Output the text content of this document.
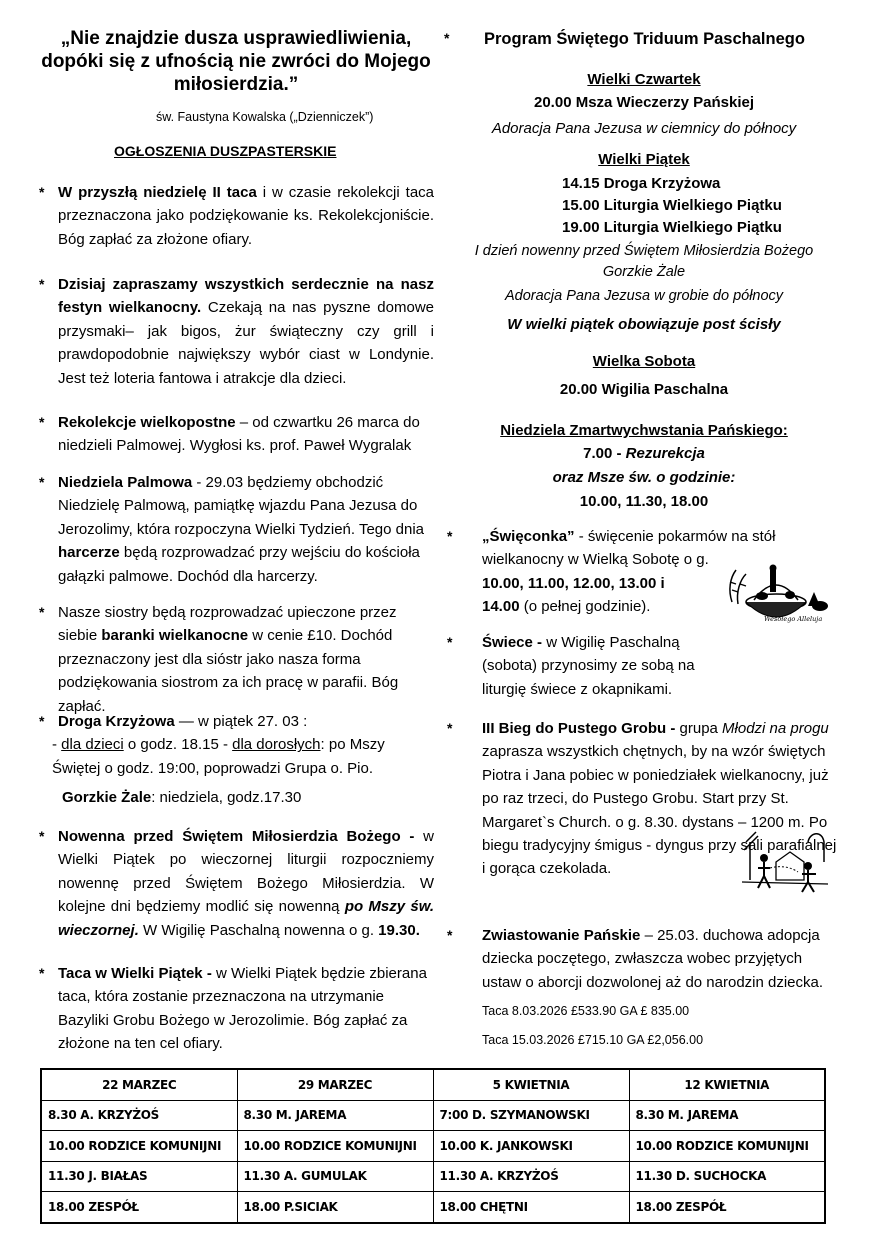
„Nie znajdzie dusza usprawiedliwienia, dopóki się z ufnością nie zwróci do Mojego miłosierdzia.”
św. Faustyna Kowalska („Dzienniczek”)
OGŁOSZENIA DUSZPASTERSKIE
* W przyszłą niedzielę II taca i w czasie rekolekcji taca przeznaczona jako podziękowanie ks. Rekolekcjoniście. Bóg zapłać za złożone ofiary.
* Dzisiaj zapraszamy wszystkich serdecznie na nasz festyn wielkanocny. Czekają na nas pyszne domowe przysmaki– jak bigos, żur świąteczny czy grill i prawdopodobnie największy wybór ciast w Londynie. Jest też loteria fantowa i atrakcje dla dzieci.
* Rekolekcje wielkopostne – od czwartku 26 marca do niedzieli Palmowej. Wygłosi ks. prof. Paweł Wygralak
* Niedziela Palmowa - 29.03 będziemy obchodzić Niedzielę Palmową, pamiątkę wjazdu Pana Jezusa do Jerozolimy, która rozpoczyna Wielki Tydzień. Tego dnia harcerze będą rozprowadzać przy wejściu do kościoła gałązki palmowe. Dochód dla harcerzy.
* Nasze siostry będą rozprowadzać upieczone przez siebie baranki wielkanocne w cenie £10. Dochód przeznaczony jest dla sióstr jako nasza forma podziękowania siostrom za ich pracę w parafii. Bóg zapłać.
* Droga Krzyżowa — w piątek 27. 03 :
- dla dzieci o godz. 18.15 - dla dorosłych: po Mszy Świętej o godz. 19:00, poprowadzi Grupa o. Pio.
Gorzkie Żale: niedziela, godz.17.30
* Nowenna przed Świętem Miłosierdzia Bożego - w Wielki Piątek po wieczornej liturgii rozpoczniemy nowennę przed Świętem Bożego Miłosierdzia. W kolejne dni będziemy modlić się nowenną po Mszy św. wieczornej. W Wigilię Paschalną nowenna o g. 19.30.
* Taca w Wielki Piątek - w Wielki Piątek będzie zbierana taca, która zostanie przeznaczona na utrzymanie Bazyliki Grobu Bożego w Jerozolimie. Bóg zapłać za złożone na ten cel ofiary.
* Program Świętego Triduum Paschalnego
Wielki Czwartek
20.00 Msza Wieczerzy Pańskiej
Adoracja Pana Jezusa w ciemnicy do północy
Wielki Piątek
14.15 Droga Krzyżowa
15.00 Liturgia Wielkiego Piątku
19.00 Liturgia Wielkiego Piątku
I dzień nowenny przed Świętem Miłosierdzia Bożego
Gorzkie Żale
Adoracja Pana Jezusa w grobie do północy
W wielki piątek obowiązuje post ścisły
Wielka Sobota
20.00 Wigilia Paschalna
Niedziela Zmartwychwstania Pańskiego:
7.00 - Rezurekcja
oraz Msze św. o godzinie:
10.00, 11.30, 18.00
* „Święconka” - święcenie pokarmów na stół wielkanocny w Wielką Sobotę o g.
10.00, 11.00, 12.00, 13.00 i 14.00 (o pełnej godzinie).
Wesołego Alleluja
* Świece - w Wigilię Paschalną (sobota) przynosimy ze sobą na liturgię świece z okapnikami.
* III Bieg do Pustego Grobu - grupa Młodzi na progu zaprasza wszystkich chętnych, by na wzór świętych Piotra i Jana pobiec w poniedziałek wielkanocny, już po raz trzeci, do Pustego Grobu. Start przy St. Margaret`s Church. o g. 8.30. dystans – 1200 m. Po biegu tradycyjny śmigus - dyngus przy sali parafialnej i gorąca czekolada.
* Zwiastowanie Pańskie – 25.03. duchowa adopcja dziecka poczętego, zwłaszcza wobec przyjętych ustaw o aborcji dozwolonej aż do narodzin dziecka.
Taca 8.03.2026 £533.90 GA £ 835.00
Taca 15.03.2026 £715.10 GA £2,056.00
22 MARZEC	29 MARZEC	5 KWIETNIA	12 KWIETNIA
8.30 A. KRZYŻOŚ	8.30 M. JAREMA	7:00 D. SZYMANOWSKI	8.30 M. JAREMA
10.00 RODZICE KOMUNIJNI	10.00 RODZICE KOMUNIJNI	10.00 K. JANKOWSKI	10.00 RODZICE KOMUNIJNI
11.30 J. BIAŁAS	11.30 A. GUMULAK	11.30 A. KRZYŻOŚ	11.30 D. SUCHOCKA
18.00 ZESPÓŁ	18.00 P.SICIAK	18.00 CHĘTNI	18.00 ZESPÓŁ
